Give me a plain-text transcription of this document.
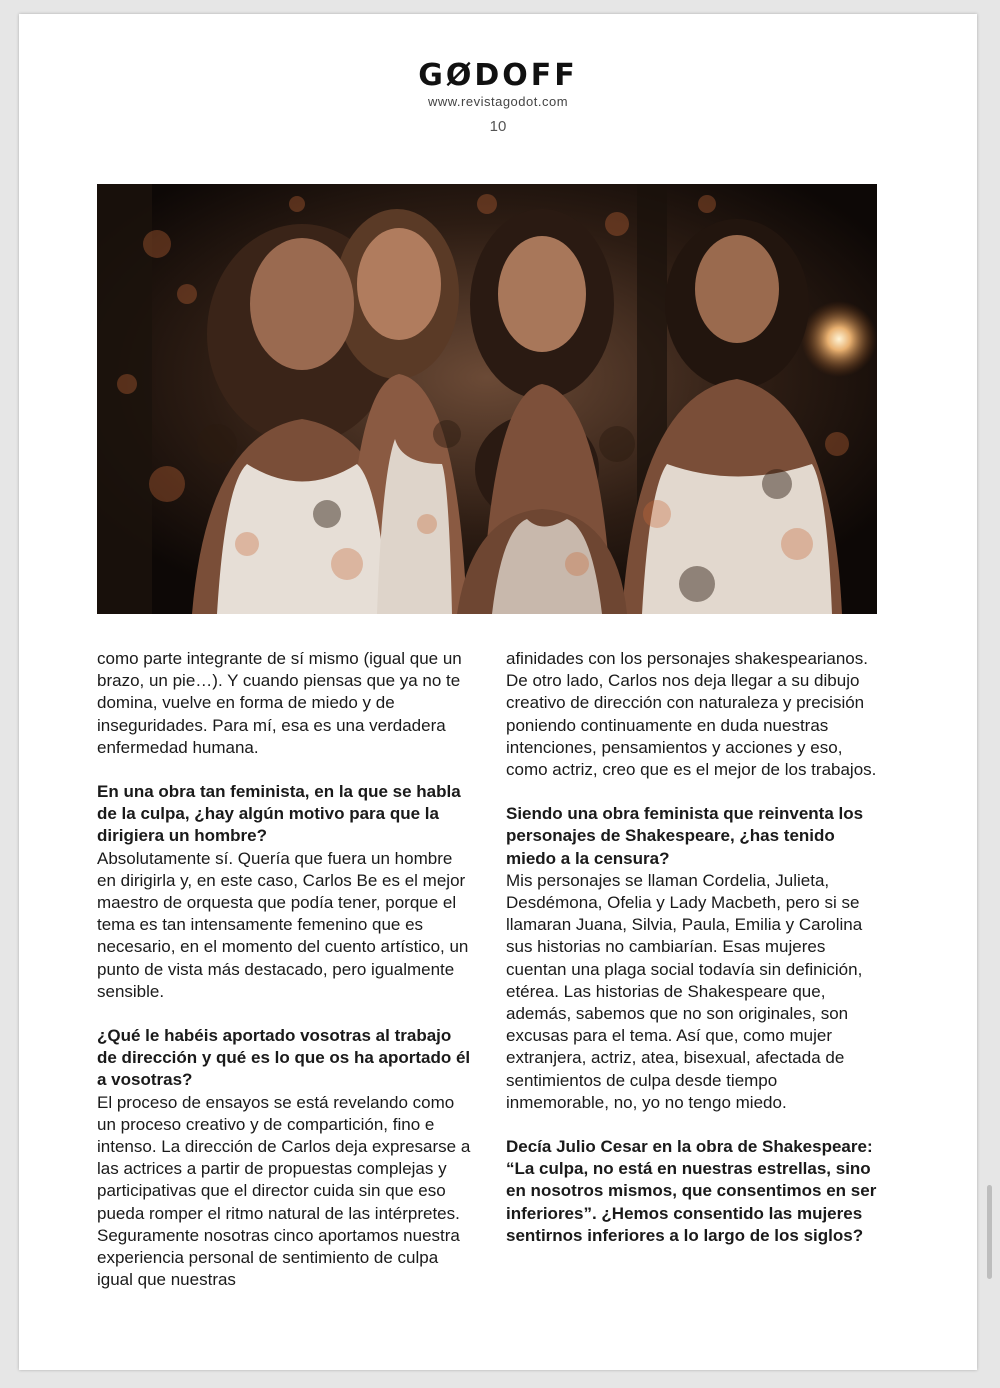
GØDOFF
www.revistagodot.com
10

como parte integrante de sí mismo (igual que un brazo, un pie…). Y cuando piensas que ya no te domina, vuelve en forma de miedo y de inseguridades. Para mí, esa es una verdadera enfermedad humana.

En una obra tan feminista, en la que se habla de la culpa, ¿hay algún motivo para que la dirigiera un hombre?
Absolutamente sí. Quería que fuera un hombre en dirigirla y, en este caso, Carlos Be es el mejor maestro de orquesta que podía tener, porque el tema es tan intensamente femenino que es necesario, en el momento del cuento artístico, un punto de vista más destacado, pero igualmente sensible.

¿Qué le habéis aportado vosotras al trabajo de dirección y qué es lo que os ha aportado él a vosotras?
El proceso de ensayos se está revelando como un proceso creativo y de compartición, fino e intenso. La dirección de Carlos deja expresarse a las actrices a partir de propuestas complejas y participativas que el director cuida sin que eso pueda romper el ritmo natural de las intérpretes. Seguramente nosotras cinco aportamos nuestra experiencia personal de sentimiento de culpa igual que nuestras

afinidades con los personajes shakespearianos. De otro lado, Carlos nos deja llegar a su dibujo creativo de dirección con naturaleza y precisión poniendo continuamente en duda nuestras intenciones, pensamientos y acciones y eso, como actriz, creo que es el mejor de los trabajos.

Siendo una obra feminista que reinventa los personajes de Shakespeare, ¿has tenido miedo a la censura?
Mis personajes se llaman Cordelia, Julieta, Desdémona, Ofelia y Lady Macbeth, pero si se llamaran Juana, Silvia, Paula, Emilia y Carolina sus historias no cambiarían. Esas mujeres cuentan una plaga social todavía sin definición, etérea. Las historias de Shakespeare que, además, sabemos que no son originales, son excusas para el tema. Así que, como mujer extranjera, actriz, atea, bisexual, afectada de sentimientos de culpa desde tiempo inmemorable, no, yo no tengo miedo.

Decía Julio Cesar en la obra de Shakespeare: “La culpa, no está en nuestras estrellas, sino en nosotros mismos, que consentimos en ser inferiores”. ¿Hemos consentido las mujeres sentirnos inferiores a lo largo de los siglos?
